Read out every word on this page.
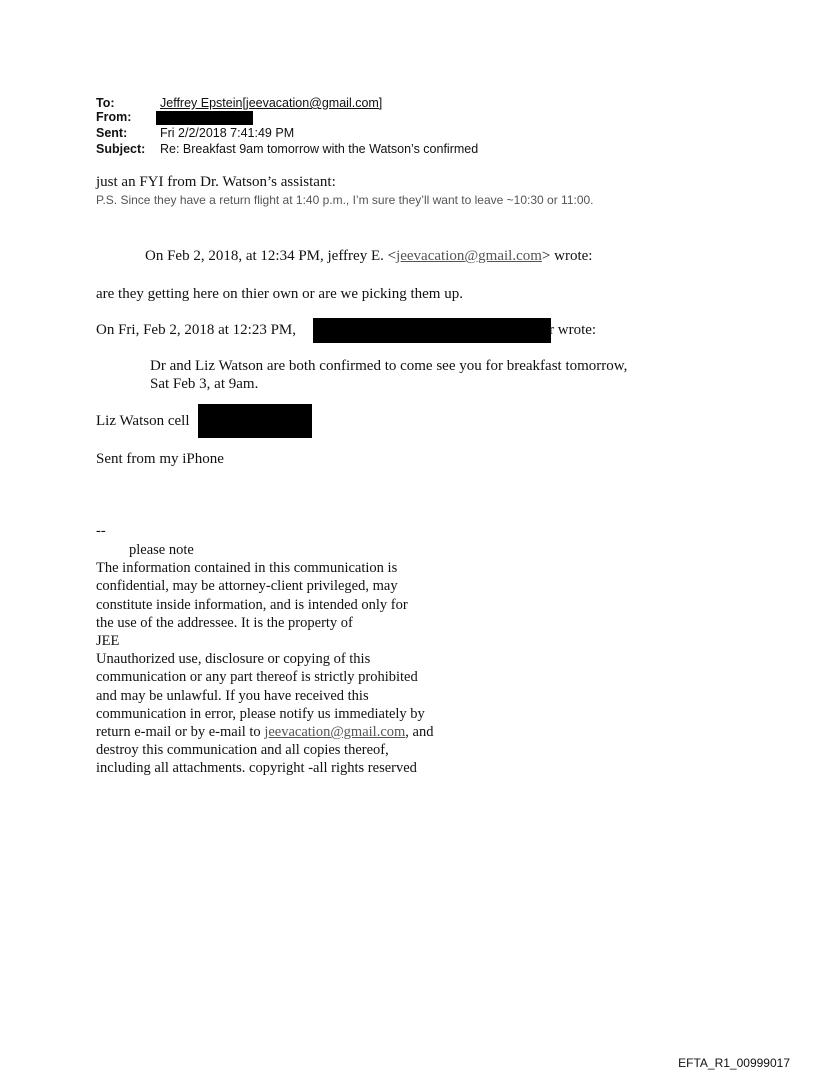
To:	Jeffrey Epstein[jeevacation@gmail.com]
From:
Sent:	Fri 2/2/2018 7:41:49 PM
Subject: Re: Breakfast 9am tomorrow with the Watson’s confirmed
just an FYI from Dr. Watson’s assistant:
P.S. Since they have a return flight at 1:40 p.m., I’m sure they’ll want to leave ~10:30 or 11:00.
On Feb 2, 2018, at 12:34 PM, jeffrey E. <jeevacation@gmail.com> wrote:
are they getting here on thier own or are we picking them up.
On Fri, Feb 2, 2018 at 12:23 PM,	r wrote:
Dr and Liz Watson are both confirmed to come see you for breakfast tomorrow,
Sat Feb 3, at 9am.
Liz Watson cell
Sent from my iPhone
--
please note
The information contained in this communication is
confidential, may be attorney-client privileged, may
constitute inside information, and is intended only for
the use of the addressee. It is the property of
JEE
Unauthorized use, disclosure or copying of this
communication or any part thereof is strictly prohibited
and may be unlawful. If you have received this
communication in error, please notify us immediately by
return e-mail or by e-mail to jeevacation@gmail.com, and
destroy this communication and all copies thereof,
including all attachments. copyright -all rights reserved
EFTA_R1_00999017
